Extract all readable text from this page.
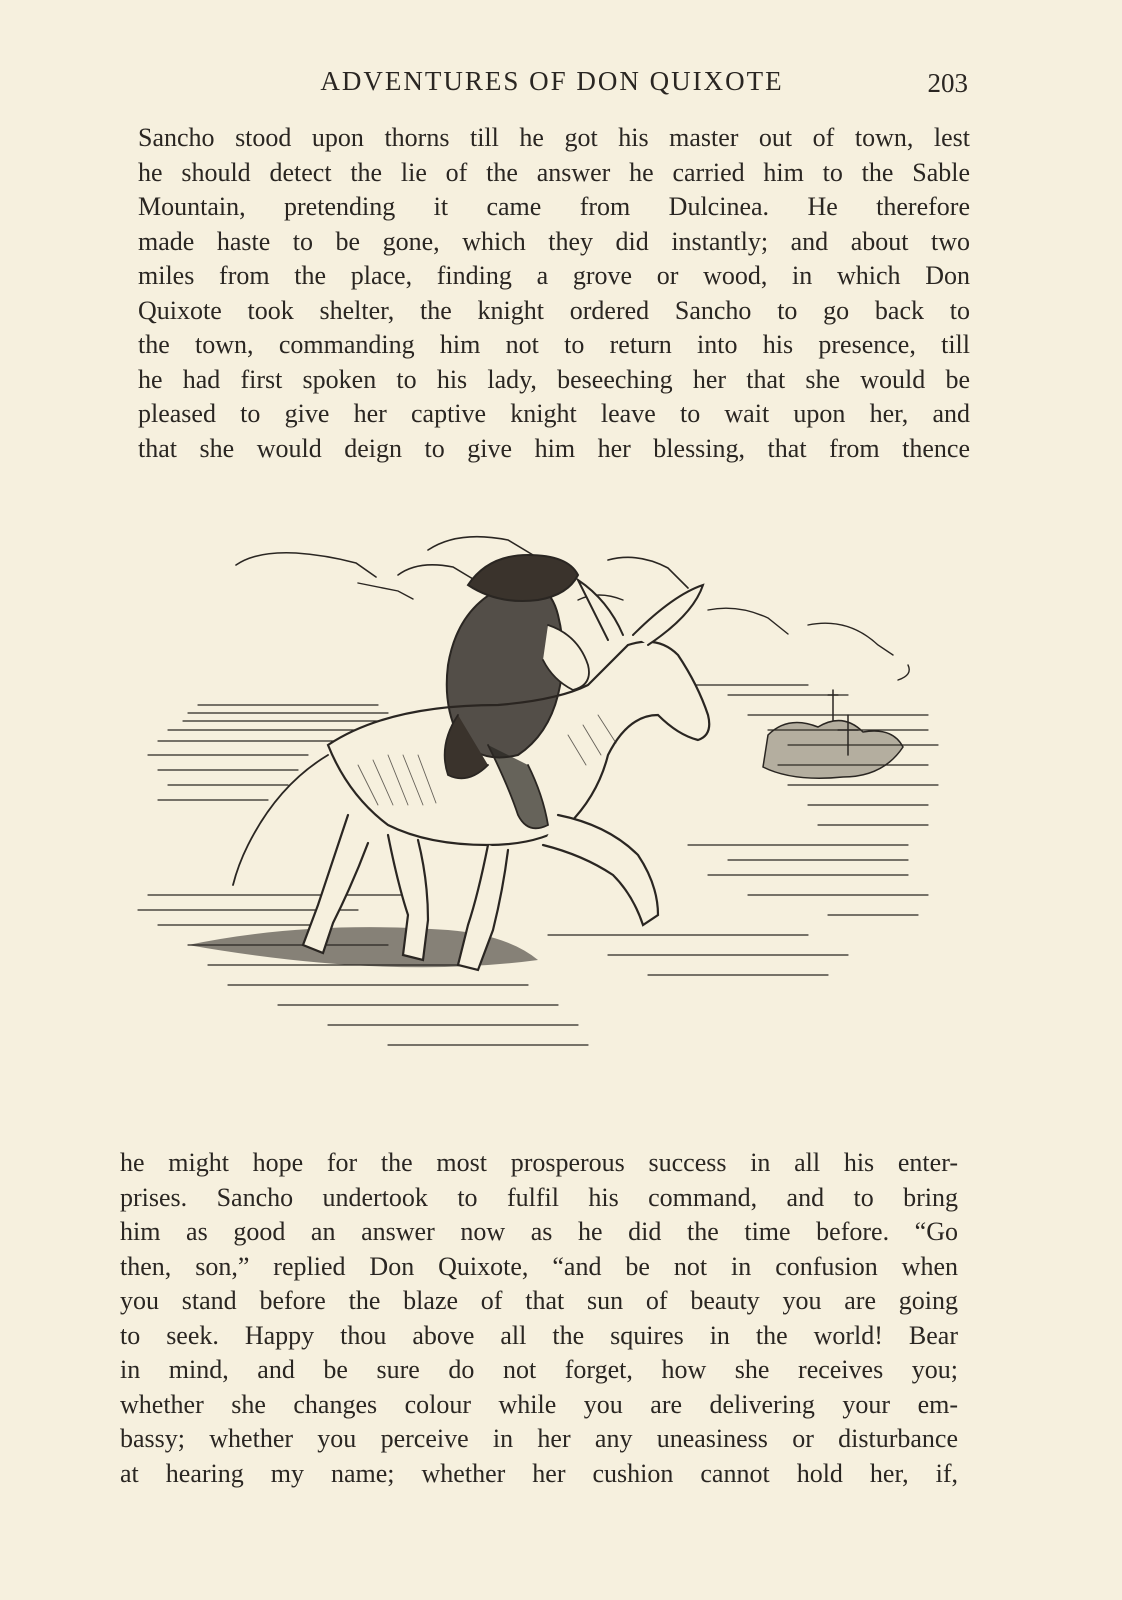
ADVENTURES OF DON QUIXOTE	203
Sancho stood upon thorns till he got his master out of town, lest
he should detect the lie of the answer he carried him to the Sable
Mountain, pretending it came from Dulcinea. He therefore
made haste to be gone, which they did instantly; and about two
miles from the place, finding a grove or wood, in which Don
Quixote took shelter, the knight ordered Sancho to go back to
the town, commanding him not to return into his presence, till
he had first spoken to his lady, beseeching her that she would be
pleased to give her captive knight leave to wait upon her, and
that she would deign to give him her blessing, that from thence
he might hope for the most prosperous success in all his enter-
prises. Sancho undertook to fulfil his command, and to bring
him as good an answer now as he did the time before. “Go
then, son,” replied Don Quixote, “and be not in confusion when
you stand before the blaze of that sun of beauty you are going
to seek. Happy thou above all the squires in the world! Bear
in mind, and be sure do not forget, how she receives you;
whether she changes colour while you are delivering your em-
bassy; whether you perceive in her any uneasiness or disturbance
at hearing my name; whether her cushion cannot hold her, if,
